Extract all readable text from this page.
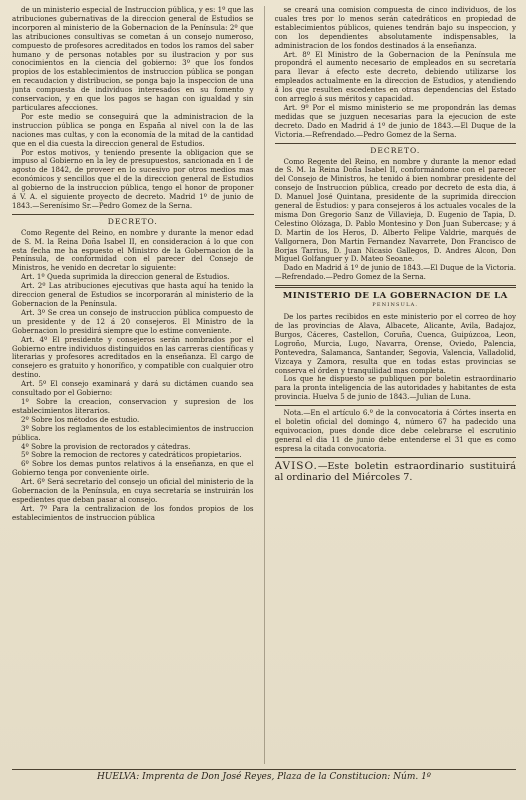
de un ministerio especial de Instruccion pública, y es: 1º que las atribuciones gubernativas de la direccion general de Estudios se incorporen al ministerio de la Gobernacion de la Península: 2º que las atribuciones consultivas se cometan á un consejo numeroso, compuesto de profesores acreditados en todos los ramos del saber humano y de personas notables por su ilustracion y por sus conocimientos en la ciencia del gobierno: 3º que los fondos propios de los establecimientos de instruccion pública se pongan en recaudacion y distribucion, se ponga bajo la inspeccion de una junta compuesta de individuos interesados en su fomento y conservacion, y en que los pagos se hagan con igualdad y sin particulares afecciones.

Por este medio se conseguirá que la administracion de la instruccion pública se ponga en España al nivel con la de las naciones mas cultas, y con la economía de la mitad de la cantidad que en el dia cuesta la direccion general de Estudios.

Por estos motivos, y teniendo presente la obligacion que se impuso al Gobierno en la ley de presupuestos, sancionada en 1 de agosto de 1842, de proveer en lo sucesivo por otros medios mas económicos y sencillos que el de la direccion general de Estudios al gobierno de la instruccion pública, tengo el honor de proponer á V. A. el siguiente proyecto de decreto. Madrid 1º de junio de 1843.—Serenísimo Sr.—Pedro Gomez de la Serna.

DECRETO.

Como Regente del Reino, en nombre y durante la menor edad de S. M. la Reina Doña Isabel II, en consideracion á lo que con esta fecha me ha espuesto el Ministro de la Gobernacion de la Península, de conformidad con el parecer del Consejo de Ministros, he venido en decretar lo siguiente:

Art. 1º Queda suprimida la direccion general de Estudios.

Art. 2º Las atribuciones ejecutivas que hasta aquí ha tenido la direccion general de Estudios se incorporarán al ministerio de la Gobernacion de la Península.

Art. 3º Se crea un consejo de instruccion pública compuesto de un presidente y de 12 á 20 consejeros. El Ministro de la Gobernacion lo presidirá siempre que lo estime conveniente.

Art. 4º El presidente y consejeros serán nombrados por el Gobierno entre individuos distinguidos en las carreras científicas y literarias y profesores acreditados en la enseñanza. El cargo de consejero es gratuito y honorífico, y compatible con cualquier otro destino.

Art. 5º El consejo examinará y dará su dictámen cuando sea consultado por el Gobierno:

1º Sobre la creacion, conservacion y supresion de los establecimientos literarios.

2º Sobre los métodos de estudio.

3º Sobre los reglamentos de los establecimientos de instruccion pública.

4º Sobre la provision de rectorados y cátedras.

5º Sobre la remocion de rectores y catedráticos propietarios.

6º Sobre los demas puntos relativos á la enseñanza, en que el Gobierno tenga por conveniente oirle.

Art. 6º Será secretario del consejo un oficial del ministerio de la Gobernacion de la Península, en cuya secretaría se instruirán los espedientes que deban pasar al consejo.

Art. 7º Para la centralizacion de los fondos propios de los establecimientos de instruccion pública

se creará una comision compuesta de cinco individuos, de los cuales tres por lo menos serán catedráticos en propiedad de establecimientos públicos, quienes tendrán bajo su inspeccion, y con los dependientes absolutamente indispensables, la administracion de los fondos destinados á la enseñanza.

Art. 8º El Ministro de la Gobernacion de la Península me propondrá el aumento necesario de empleados en su secretaría para llevar á efecto este decreto, debiendo utilizarse los empleados actualmente en la direccion de Estudios, y atendiendo á los que resulten escedentes en otras dependencias del Estado con arreglo á sus méritos y capacidad.

Art. 9º Por el mismo ministerio se me propondrán las demas medidas que se juzguen necesarias para la ejecucion de este decreto. Dado en Madrid á 1º de junio de 1843.—El Duque de la Victoria.—Refrendado.—Pedro Gomez de la Serna.

DECRETO.

Como Regente del Reino, en nombre y durante la menor edad de S. M. la Reina Doña Isabel II, conformándome con el parecer del Consejo de Ministros, he tenido á bien nombrar presidente del consejo de Instruccion pública, creado por decreto de esta dia, á D. Manuel José Quintana, presidente de la suprimida direccion general de Estudios: y para consejeros á los actuales vocales de la misma Don Gregorio Sanz de Villavieja, D. Eugenio de Tapia, D. Celestino Olózaga, D. Pablo Montesino y Don Juan Subercase; y á D. Martin de los Heros, D. Alberto Felipe Valdrie, marqués de Vallgornera, Don Martin Fernandez Navarrete, Don Francisco de Borjas Tarrius, D. Juan Nicasio Gallegos, D. Andres Alcon, Don Miguel Golfanguer y D. Mateo Seoane.

Dado en Madrid á 1º de junio de 1843.—El Duque de la Victoria.—Refrendado.—Pedro Gomez de la Serna.

MINISTERIO DE LA GOBERNACION DE LA

PENINSULA.

De los partes recibidos en este ministerio por el correo de hoy de las provincias de Alava, Albacete, Alicante, Avila, Badajoz, Burgos, Cáceres, Castellon, Coruña, Cuenca, Guipúzcoa, Leon, Logroño, Murcia, Lugo, Navarra, Orense, Oviedo, Palencia, Pontevedra, Salamanca, Santander, Segovia, Valencia, Valladolid, Vizcaya y Zamora, resulta que en todas estas provincias se conserva el órden y tranquilidad mas completa.

Los que he dispuesto se publiquen por boletin estraordinario para la pronta inteligencia de las autoridades y habitantes de esta provincia. Huelva 5 de junio de 1843.—Julian de Luna.

Nota.—En el artículo 6.º de la convocatoria á Córtes inserta en el boletin oficial del domingo 4, número 67 ha padecido una equivocacion, pues donde dice debe celebrarse el escrutinio general el dia 11 de junio debe entenderse el 31 que es como espresa la citada convocatoria.

AVISO.—Este boletin estraordinario sustituirá al ordinario del Miércoles 7.

HUELVA: Imprenta de Don José Reyes, Plaza de la Constitucion: Núm. 1º
